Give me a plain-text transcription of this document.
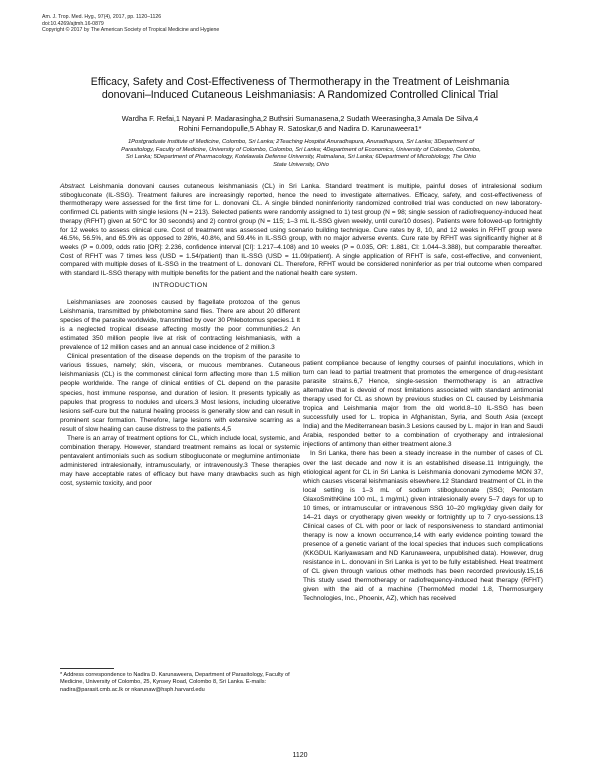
Am. J. Trop. Med. Hyg., 97(4), 2017, pp. 1120–1126
doi:10.4269/ajtmh.16-0879
Copyright © 2017 by The American Society of Tropical Medicine and Hygiene
Efficacy, Safety and Cost-Effectiveness of Thermotherapy in the Treatment of Leishmania
donovani–Induced Cutaneous Leishmaniasis: A Randomized Controlled Clinical Trial
Wardha F. Refai,1 Nayani P. Madarasingha,2 Buthsiri Sumanasena,2 Sudath Weerasingha,3 Amala De Silva,4
Rohini Fernandopulle,5 Abhay R. Satoskar,6 and Nadira D. Karunaweera1*
1Postgraduate Institute of Medicine, Colombo, Sri Lanka; 2Teaching Hospital Anuradhapura, Anuradhapura, Sri Lanka; 3Department of
Parasitology, Faculty of Medicine, University of Colombo, Colombo, Sri Lanka; 4Department of Economics, University of Colombo, Colombo,
Sri Lanka; 5Department of Pharmacology, Kotelawala Defense University, Ratmalana, Sri Lanka; 6Department of Microbiology, The Ohio
State University, Ohio
Abstract. Leishmania donovani causes cutaneous leishmaniasis (CL) in Sri Lanka. Standard treatment is multiple, painful doses of intralesional sodium stibogluconate (IL-SSG). Treatment failures are increasingly reported, hence the need to investigate alternatives. Efficacy, safety, and cost-effectiveness of thermotherapy were assessed for the first time for L. donovani CL. A single blinded noninferiority randomized controlled trial was conducted on new laboratory-confirmed CL patients with single lesions (N = 213). Selected patients were randomly assigned to 1) test group (N = 98; single session of radiofrequency-induced heat therapy (RFHT) given at 50°C for 30 seconds) and 2) control group (N = 115; 1–3 mL IL-SSG given weekly, until cure/10 doses). Patients were followed-up fortnightly for 12 weeks to assess clinical cure. Cost of treatment was assessed using scenario building technique. Cure rates by 8, 10, and 12 weeks in RFHT group were 46.5%, 56.5%, and 65.9% as opposed to 28%, 40.8%, and 59.4% in IL-SSG group, with no major adverse events. Cure rate by RFHT was significantly higher at 8 weeks (P = 0.009, odds ratio [OR]: 2.236, confidence interval [CI]: 1.217–4.108) and 10 weeks (P = 0.035, OR: 1.881, CI: 1.044–3.388), but comparable thereafter. Cost of RFHT was 7 times less (USD = 1.54/patient) than IL-SSG (USD = 11.09/patient). A single application of RFHT is safe, cost-effective, and convenient, compared with multiple doses of IL-SSG in the treatment of L. donovani CL. Therefore, RFHT would be considered noninferior as per trial outcome when compared with standard IL-SSG therapy with multiple benefits for the patient and the national health care system.
INTRODUCTION

Leishmaniases are zoonoses caused by flagellate protozoa of the genus Leishmania, transmitted by phlebotomine sand flies. There are about 20 different species of the parasite worldwide, transmitted by over 30 Phlebotomus species.1 It is a neglected tropical disease affecting mostly the poor communities.2 An estimated 350 million people live at risk of contracting leishmaniasis, with a prevalence of 12 million cases and an annual case incidence of 2 million.3

Clinical presentation of the disease depends on the tropism of the parasite to various tissues, namely; skin, viscera, or mucous membranes. Cutaneous leishmaniasis (CL) is the commonest clinical form affecting more than 1.5 million people worldwide. The range of clinical entities of CL depend on the parasite species, host immune response, and duration of lesion. It presents typically as papules that progress to nodules and ulcers.3 Most lesions, including ulcerative lesions self-cure but the natural healing process is generally slow and can result in prominent scar formation. Therefore, large lesions with extensive scarring as a result of slow healing can cause distress to the patients.4,5

There is an array of treatment options for CL, which include local, systemic, and combination therapy. However, standard treatment remains as local or systemic pentavalent antimonials such as sodium stibogluconate or meglumine antimoniate administered intralesionally, intramuscularly, or intravenously.3 These therapies may have acceptable rates of efficacy but have many drawbacks such as high cost, systemic toxicity, and poor

patient compliance because of lengthy courses of painful inoculations, which in turn can lead to partial treatment that promotes the emergence of drug-resistant parasite strains.6,7 Hence, single-session thermotherapy is an attractive alternative that is devoid of most limitations associated with standard antimonial therapy used for CL as shown by previous studies on CL caused by Leishmania tropica and Leishmania major from the old world.8–10 IL-SSG has been successfully used for L. tropica in Afghanistan, Syria, and South Asia (except India) and the Mediterranean basin.3 Lesions caused by L. major in Iran and Saudi Arabia, responded better to a combination of cryotherapy and intralesional injections of antimony than either treatment alone.3

In Sri Lanka, there has been a steady increase in the number of cases of CL over the last decade and now it is an established disease.11 Intriguingly, the etiological agent for CL in Sri Lanka is Leishmania donovani zymodeme MON 37, which causes visceral leishmaniasis elsewhere.12 Standard treatment of CL in the local setting is 1–3 mL of sodium stibogluconate (SSG; Pentostam GlaxoSmithKline 100 mL, 1 mg/mL) given intralesionally every 5–7 days for up to 10 times, or intramuscular or intravenous SSG 10–20 mg/kg/day given daily for 14–21 days or cryotherapy given weekly or fortnightly up to 7 cryo-sessions.13 Clinical cases of CL with poor or lack of responsiveness to standard antimonial therapy is now a known occurrence,14 with early evidence pointing toward the presence of a genetic variant of the local species that induces such complications (KKGDUL Kariyawasam and ND Karunaweera, unpublished data). However, drug resistance in L. donovani in Sri Lanka is yet to be fully established. Heat treatment of CL given through various other methods has been recorded previously.15,16 This study used thermotherapy or radiofrequency-induced heat therapy (RFHT) given with the aid of a machine (ThermoMed model 1.8, Thermosurgery Technologies, Inc., Phoenix, AZ), which has received

* Address correspondence to Nadira D. Karunaweera, Department of Parasitology, Faculty of Medicine, University of Colombo, 25, Kynsey Road, Colombo 8, Sri Lanka. E-mails: nadira@parasit.cmb.ac.lk or nkarunaw@hsph.harvard.edu
1120
